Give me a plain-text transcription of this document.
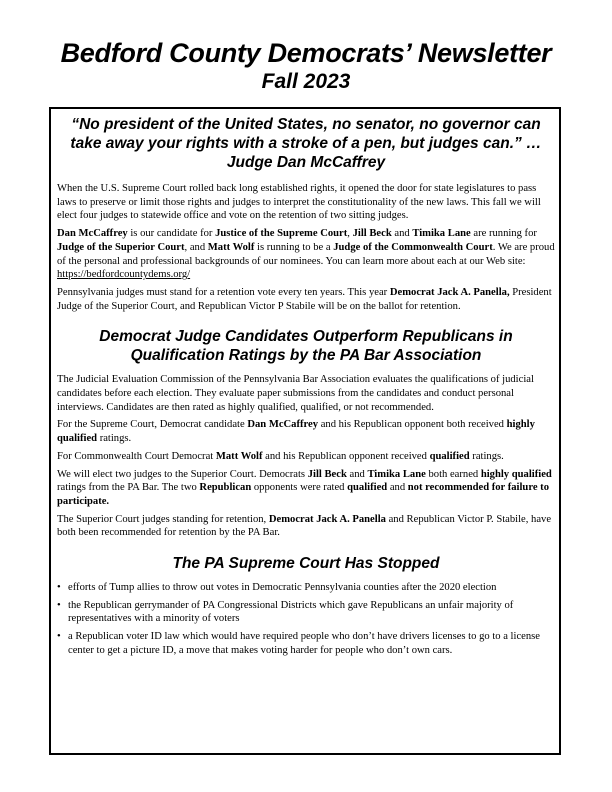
Bedford County Democrats’ Newsletter
Fall 2023
“No president of the United States, no senator, no governor can take away your rights with a stroke of a pen, but judges can.” … Judge Dan McCaffrey

When the U.S. Supreme Court rolled back long established rights, it opened the door for state legislatures to pass laws to preserve or limit those rights and judges to interpret the constitutionality of the new laws. This fall we will elect four judges to statewide office and vote on the retention of two sitting judges.

Dan McCaffrey is our candidate for Justice of the Supreme Court, Jill Beck and Timika Lane are running for Judge of the Superior Court, and Matt Wolf is running to be a Judge of the Commonwealth Court. We are proud of the personal and professional backgrounds of our nominees. You can learn more about each at our Web site: https://bedfordcountydems.org/

Pennsylvania judges must stand for a retention vote every ten years. This year Democrat Jack A. Panella, President Judge of the Superior Court, and Republican Victor P Stabile will be on the ballot for retention.

Democrat Judge Candidates Outperform Republicans in Qualification Ratings by the PA Bar Association

The Judicial Evaluation Commission of the Pennsylvania Bar Association evaluates the qualifications of judicial candidates before each election. They evaluate paper submissions from the candidates and conduct personal interviews. Candidates are then rated as highly qualified, qualified, or not recommended.

For the Supreme Court, Democrat candidate Dan McCaffrey and his Republican opponent both received highly qualified ratings.

For Commonwealth Court Democrat Matt Wolf and his Republican opponent received qualified ratings.

We will elect two judges to the Superior Court. Democrats Jill Beck and Timika Lane both earned highly qualified ratings from the PA Bar. The two Republican opponents were rated qualified and not recommended for failure to participate.

The Superior Court judges standing for retention, Democrat Jack A. Panella and Republican Victor P. Stabile, have both been recommended for retention by the PA Bar.

The PA Supreme Court Has Stopped
• efforts of Tump allies to throw out votes in Democratic Pennsylvania counties after the 2020 election
• the Republican gerrymander of PA Congressional Districts which gave Republicans an unfair majority of representatives with a minority of voters
• a Republican voter ID law which would have required people who don’t have drivers licenses to go to a license center to get a picture ID, a move that makes voting harder for people who don’t own cars.
